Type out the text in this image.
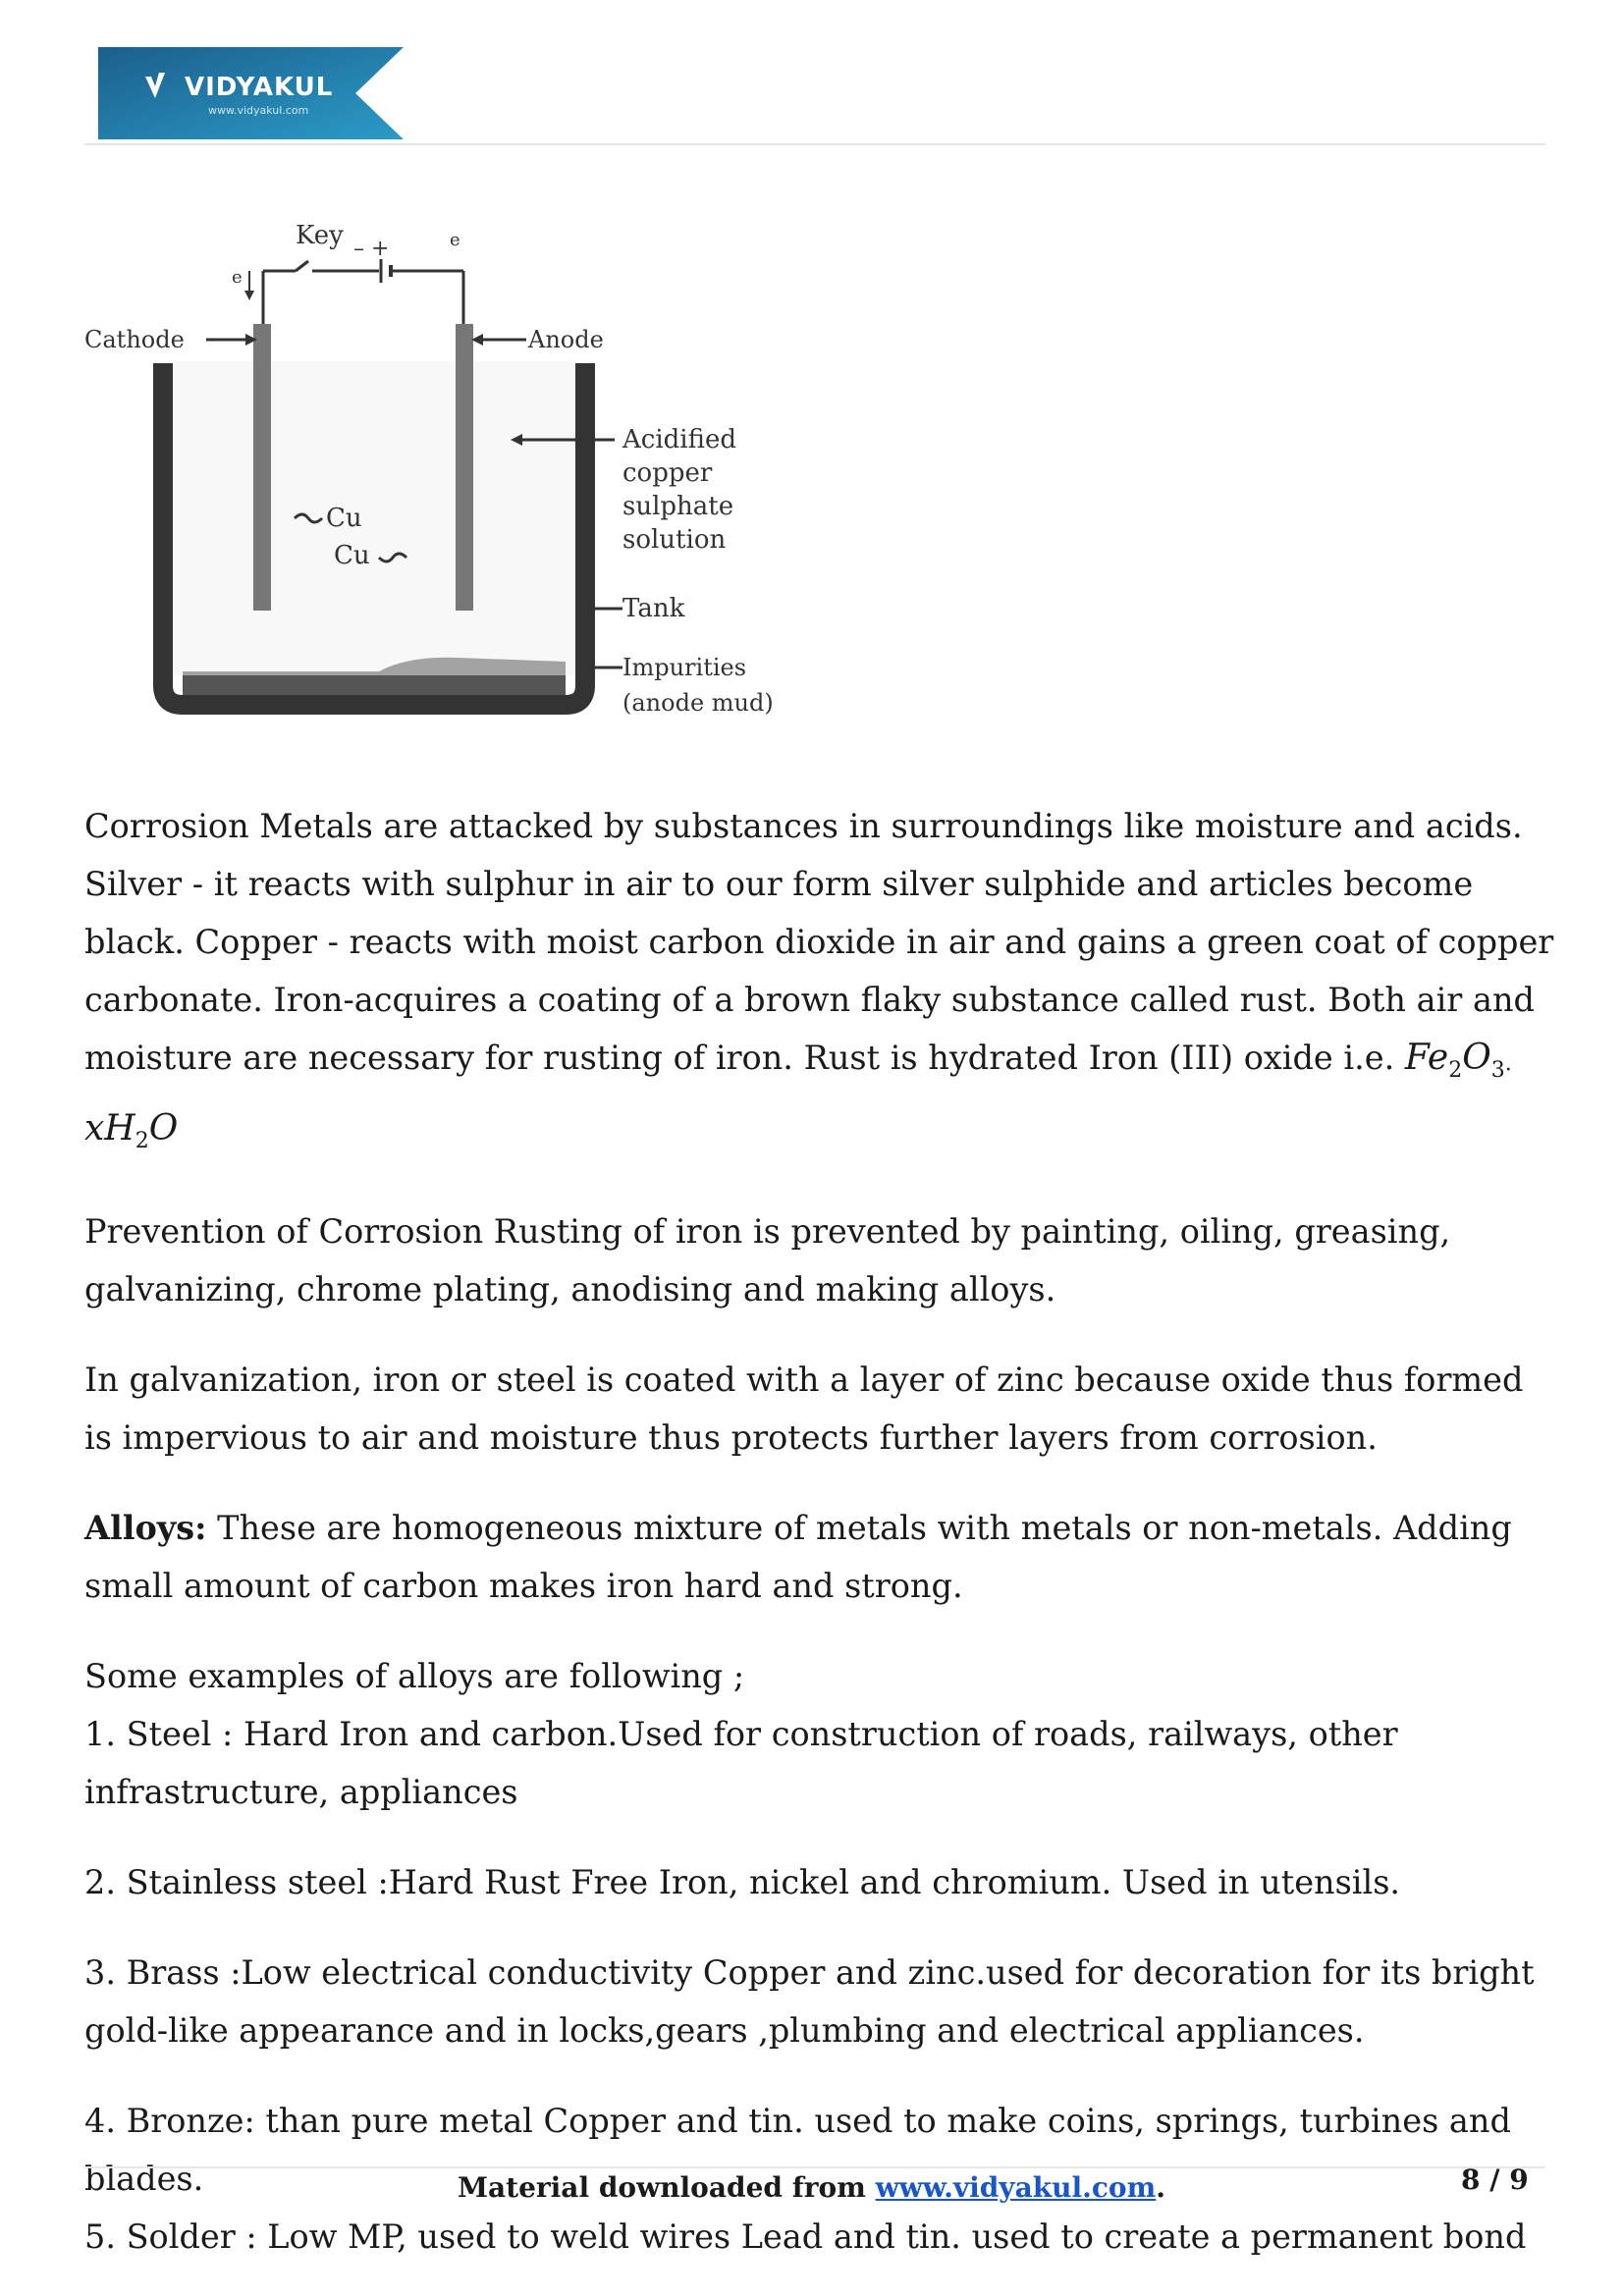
VIDYAKUL
www.vidyakul.com
Key
e
e
– +
Cathode	Anode
Acidified
copper
sulphate
solution
Cu
Cu
Tank
Impurities
(anode mud)

Corrosion Metals are attacked by substances in surroundings like moisture and acids. Silver - it reacts with sulphur in air to our form silver sulphide and articles become black. Copper - reacts with moist carbon dioxide in air and gains a green coat of copper carbonate. Iron-acquires a coating of a brown flaky substance called rust. Both air and moisture are necessary for rusting of iron. Rust is hydrated Iron (III) oxide i.e. $Fe_2O_{3\cdot}$ $xH_2O$

Prevention of Corrosion Rusting of iron is prevented by painting, oiling, greasing, galvanizing, chrome plating, anodising and making alloys.

In galvanization, iron or steel is coated with a layer of zinc because oxide thus formed is impervious to air and moisture thus protects further layers from corrosion.

Alloys: These are homogeneous mixture of metals with metals or non-metals. Adding small amount of carbon makes iron hard and strong.

Some examples of alloys are following ;

1. Steel : Hard Iron and carbon.Used for construction of roads, railways, other infrastructure, appliances

2. Stainless steel :Hard Rust Free Iron, nickel and chromium. Used in utensils.

3. Brass :Low electrical conductivity Copper and zinc.used for decoration for its bright gold-like appearance and in locks,gears ,plumbing and electrical appliances.

4. Bronze: than pure metal Copper and tin. used to make coins, springs, turbines and blades.

5. Solder : Low MP, used to weld wires Lead and tin. used to create a permanent bond

Material downloaded from www.vidyakul.com.	8 / 9
